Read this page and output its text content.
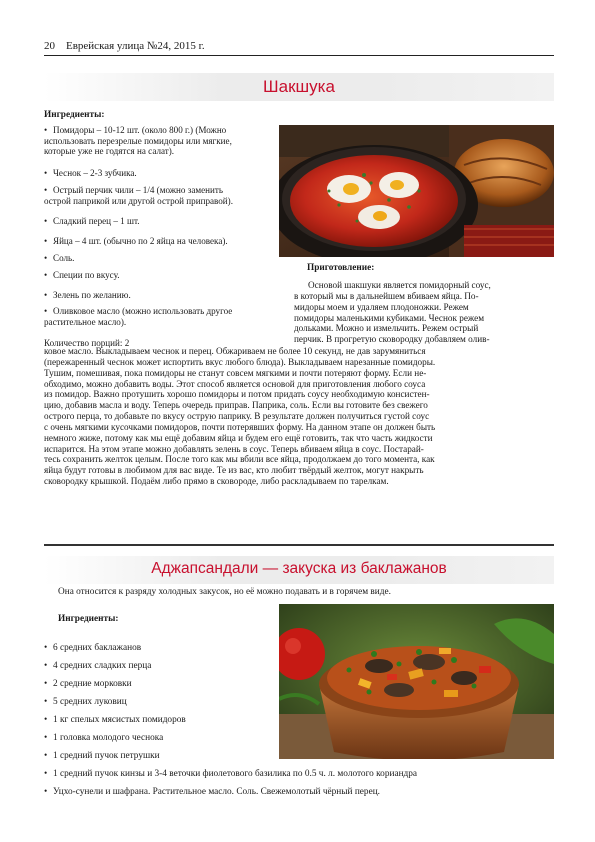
20 Еврейская улица №24, 2015 г.
Шакшука
Ингредиенты:
• Помидоры – 10-12 шт. (около 800 г.) (Можно
использовать перезрелые помидоры или мягкие,
которые уже не годятся на салат).
• Чеснок – 2-3 зубчика.
• Острый перчик чили – 1/4 (можно заменить
острой паприкой или другой острой приправой).
• Сладкий перец – 1 шт.
• Яйца – 4 шт. (обычно по 2 яйца на человека).
• Соль.
• Специи по вкусу.
• Зелень по желанию.
• Оливковое масло (можно использовать другое
растительное масло).
Количество порций: 2
Приготовление:
Основой шакшуки является помидорный соус,
в который мы в дальнейшем вбиваем яйца. По-
мидоры моем и удаляем плодоножки. Режем
помидоры маленькими кубиками. Чеснок режем
дольками. Можно и измельчить. Режем острый
перчик. В прогретую сковородку добавляем олив-
ковое масло. Выкладываем чеснок и перец. Обжариваем не более 10 секунд, не дав зарумяниться
(пережаренный чеснок может испортить вкус любого блюда). Выкладываем нарезанные помидоры.
Тушим, помешивая, пока помидоры не станут совсем мягкими и почти потеряют форму. Если не-
обходимо, можно добавить воды. Этот способ является основой для приготовления любого соуса
из помидор. Важно протушить хорошо помидоры и потом придать соусу необходимую консистен-
цию, добавив масла и воду. Теперь очередь приправ. Паприка, соль. Если вы готовите без свежего
острого перца, то добавьте по вкусу острую паприку. В результате должен получиться густой соус
с очень мягкими кусочками помидоров, почти потерявших форму. На данном этапе он должен быть
немного жиже, потому как мы ещё добавим яйца и будем его ещё готовить, так что часть жидкости
испарится. На этом этапе можно добавлять зелень в соус. Теперь вбиваем яйца в соус. Постарай-
тесь сохранить желток целым. После того как мы вбили все яйца, продолжаем до того момента, как
яйца будут готовы в любимом для вас виде. Те из вас, кто любит твёрдый желток, могут накрыть
сковородку крышкой. Подаём либо прямо в сковороде, либо раскладываем по тарелкам.
Аджапсандали — закуска из баклажанов
Она относится к разряду холодных закусок, но её можно подавать и в горячем виде.
Ингредиенты:
• 6 средних баклажанов
• 4 средних сладких перца
• 2 средние морковки
• 5 средних луковиц
• 1 кг спелых мясистых помидоров
• 1 головка молодого чеснока
• 1 средний пучок петрушки
• 1 средний пучок кинзы и 3-4 веточки фиолетового базилика по 0.5 ч. л. молотого кориандра
• Уцхо-сунели и шафрана. Растительное масло. Соль. Свежемолотый чёрный перец.
